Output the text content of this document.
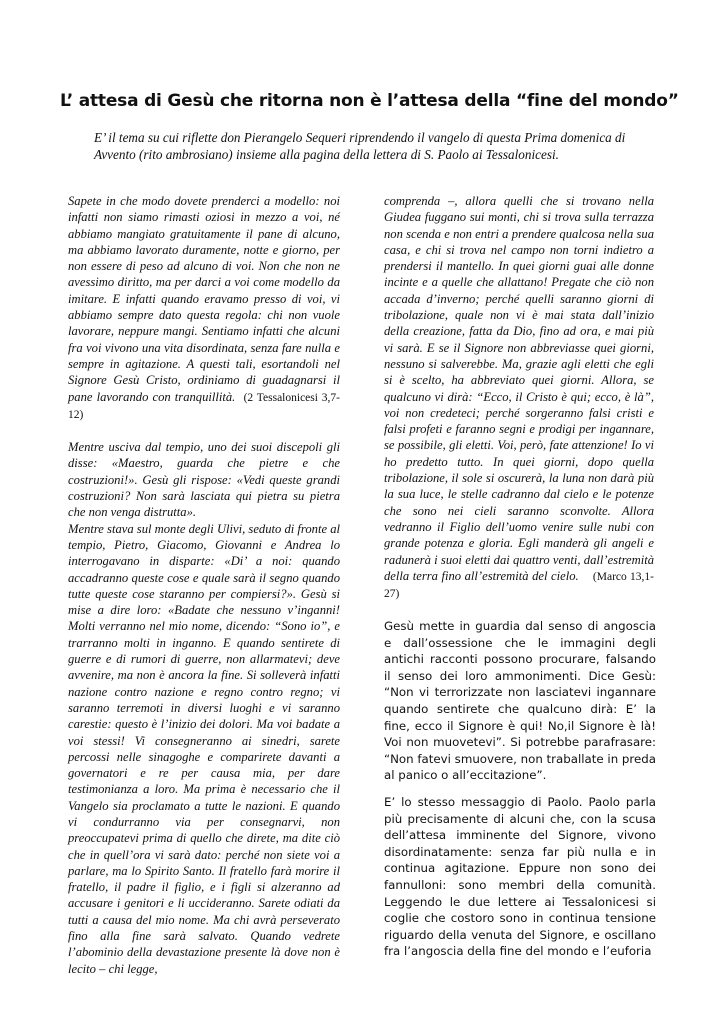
L’ attesa di Gesù che ritorna non è l’attesa della “fine del mondo”

E’ il tema su cui riflette don Pierangelo Sequeri riprendendo il vangelo di questa Prima domenica di Avvento (rito ambrosiano) insieme alla pagina della lettera di S. Paolo ai Tessalonicesi.

Sapete in che modo dovete prenderci a modello: noi infatti non siamo rimasti oziosi in mezzo a voi, né abbiamo mangiato gratuitamente il pane di alcuno, ma abbiamo lavorato duramente, notte e giorno, per non essere di peso ad alcuno di voi. Non che non ne avessimo diritto, ma per darci a voi come modello da imitare. E infatti quando eravamo presso di voi, vi abbiamo sempre dato questa regola: chi non vuole lavorare, neppure mangi. Sentiamo infatti che alcuni fra voi vivono una vita disordinata, senza fare nulla e sempre in agitazione. A questi tali, esortandoli nel Signore Gesù Cristo, ordiniamo di guadagnarsi il pane lavorando con tranquillità. (2 Tessalonicesi 3,7-12)

Mentre usciva dal tempio, uno dei suoi discepoli gli disse: «Maestro, guarda che pietre e che costruzioni!». Gesù gli rispose: «Vedi queste grandi costruzioni? Non sarà lasciata qui pietra su pietra che non venga distrutta».

Mentre stava sul monte degli Ulivi, seduto di fronte al tempio, Pietro, Giacomo, Giovanni e Andrea lo interrogavano in disparte: «Di’ a noi: quando accadranno queste cose e quale sarà il segno quando tutte queste cose staranno per compiersi?». Gesù si mise a dire loro: «Badate che nessuno v’inganni! Molti verranno nel mio nome, dicendo: “Sono io”, e trarranno molti in inganno. E quando sentirete di guerre e di rumori di guerre, non allarmatevi; deve avvenire, ma non è ancora la fine. Si solleverà infatti nazione contro nazione e regno contro regno; vi saranno terremoti in diversi luoghi e vi saranno carestie: questo è l’inizio dei dolori. Ma voi badate a voi stessi! Vi consegneranno ai sinedri, sarete percossi nelle sinagoghe e comparirete davanti a governatori e re per causa mia, per dare testimonianza a loro. Ma prima è necessario che il Vangelo sia proclamato a tutte le nazioni. E quando vi condurranno via per consegnarvi, non preoccupatevi prima di quello che direte, ma dite ciò che in quell’ora vi sarà dato: perché non siete voi a parlare, ma lo Spirito Santo. Il fratello farà morire il fratello, il padre il figlio, e i figli si alzeranno ad accusare i genitori e li uccideranno. Sarete odiati da tutti a causa del mio nome. Ma chi avrà perseverato fino alla fine sarà salvato. Quando vedrete l’abominio della devastazione presente là dove non è lecito – chi legge,

comprenda –, allora quelli che si trovano nella Giudea fuggano sui monti, chi si trova sulla terrazza non scenda e non entri a prendere qualcosa nella sua casa, e chi si trova nel campo non torni indietro a prendersi il mantello. In quei giorni guai alle donne incinte e a quelle che allattano! Pregate che ciò non accada d’inverno; perché quelli saranno giorni di tribolazione, quale non vi è mai stata dall’inizio della creazione, fatta da Dio, fino ad ora, e mai più vi sarà. E se il Signore non abbreviasse quei giorni, nessuno si salverebbe. Ma, grazie agli eletti che egli si è scelto, ha abbreviato quei giorni. Allora, se qualcuno vi dirà: “Ecco, il Cristo è qui; ecco, è là”, voi non credeteci; perché sorgeranno falsi cristi e falsi profeti e faranno segni e prodigi per ingannare, se possibile, gli eletti. Voi, però, fate attenzione! Io vi ho predetto tutto. In quei giorni, dopo quella tribolazione, il sole si oscurerà, la luna non darà più la sua luce, le stelle cadranno dal cielo e le potenze che sono nei cieli saranno sconvolte. Allora vedranno il Figlio dell’uomo venire sulle nubi con grande potenza e gloria. Egli manderà gli angeli e radunerà i suoi eletti dai quattro venti, dall’estremità della terra fino all’estremità del cielo. (Marco 13,1-27)

Gesù mette in guardia dal senso di angoscia e dall’ossessione che le immagini degli antichi racconti possono procurare, falsando il senso dei loro ammonimenti. Dice Gesù: “Non vi terrorizzate non lasciatevi ingannare quando sentirete che qualcuno dirà: E’ la fine, ecco il Signore è qui! No,il Signore è là! Voi non muovetevi”. Si potrebbe parafrasare: “Non fatevi smuovere, non traballate in preda al panico o all’eccitazione”.

E’ lo stesso messaggio di Paolo. Paolo parla più precisamente di alcuni che, con la scusa dell’attesa imminente del Signore, vivono disordinatamente: senza far più nulla e in continua agitazione. Eppure non sono dei fannulloni: sono membri della comunità. Leggendo le due lettere ai Tessalonicesi si coglie che costoro sono in continua tensione riguardo della venuta del Signore, e oscillano fra l’angoscia della fine del mondo e l’euforia
